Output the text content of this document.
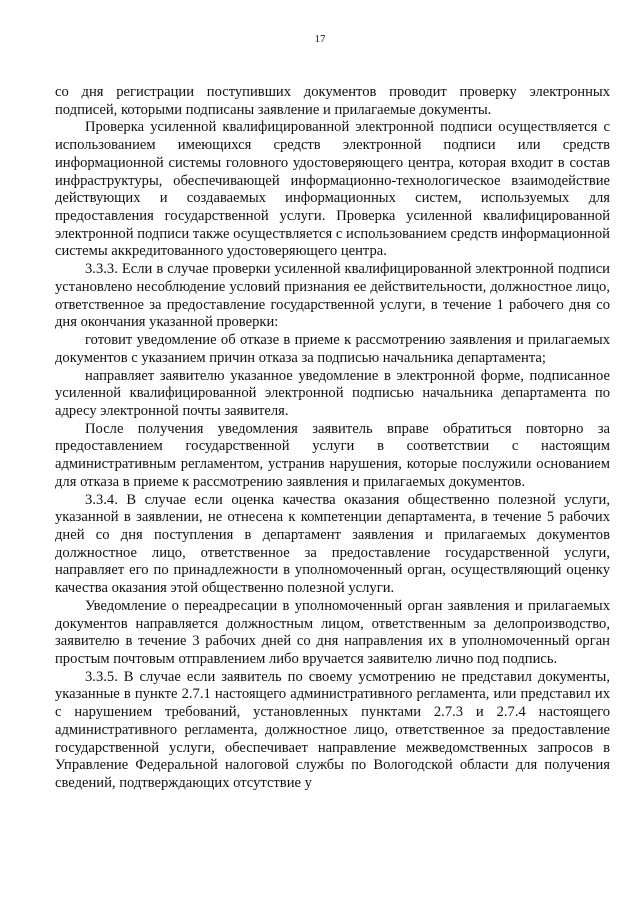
17

со дня регистрации поступивших документов проводит проверку электронных подписей, которыми подписаны заявление и прилагаемые документы.

Проверка усиленной квалифицированной электронной подписи осуществляется с использованием имеющихся средств электронной подписи или средств информационной системы головного удостоверяющего центра, которая входит в состав инфраструктуры, обеспечивающей информационно-технологическое взаимодействие действующих и создаваемых информационных систем, используемых для предоставления государственной услуги. Проверка усиленной квалифицированной электронной подписи также осуществляется с использованием средств информационной системы аккредитованного удостоверяющего центра.

3.3.3. Если в случае проверки усиленной квалифицированной электронной подписи установлено несоблюдение условий признания ее действительности, должностное лицо, ответственное за предоставление государственной услуги, в течение 1 рабочего дня со дня окончания указанной проверки:

готовит уведомление об отказе в приеме к рассмотрению заявления и прилагаемых документов с указанием причин отказа за подписью начальника департамента;

направляет заявителю указанное уведомление в электронной форме, подписанное усиленной квалифицированной электронной подписью начальника департамента по адресу электронной почты заявителя.

После получения уведомления заявитель вправе обратиться повторно за предоставлением государственной услуги в соответствии с настоящим административным регламентом, устранив нарушения, которые послужили основанием для отказа в приеме к рассмотрению заявления и прилагаемых документов.

3.3.4. В случае если оценка качества оказания общественно полезной услуги, указанной в заявлении, не отнесена к компетенции департамента, в течение 5 рабочих дней со дня поступления в департамент заявления и прилагаемых документов должностное лицо, ответственное за предоставление государственной услуги, направляет его по принадлежности в уполномоченный орган, осуществляющий оценку качества оказания этой общественно полезной услуги.

Уведомление о переадресации в уполномоченный орган заявления и прилагаемых документов направляется должностным лицом, ответственным за делопроизводство, заявителю в течение 3 рабочих дней со дня направления их в уполномоченный орган простым почтовым отправлением либо вручается заявителю лично под подпись.

3.3.5. В случае если заявитель по своему усмотрению не представил документы, указанные в пункте 2.7.1 настоящего административного регламента, или представил их с нарушением требований, установленных пунктами 2.7.3 и 2.7.4 настоящего административного регламента, должностное лицо, ответственное за предоставление государственной услуги, обеспечивает направление межведомственных запросов в Управление Федеральной налоговой службы по Вологодской области для получения сведений, подтверждающих отсутствие у
